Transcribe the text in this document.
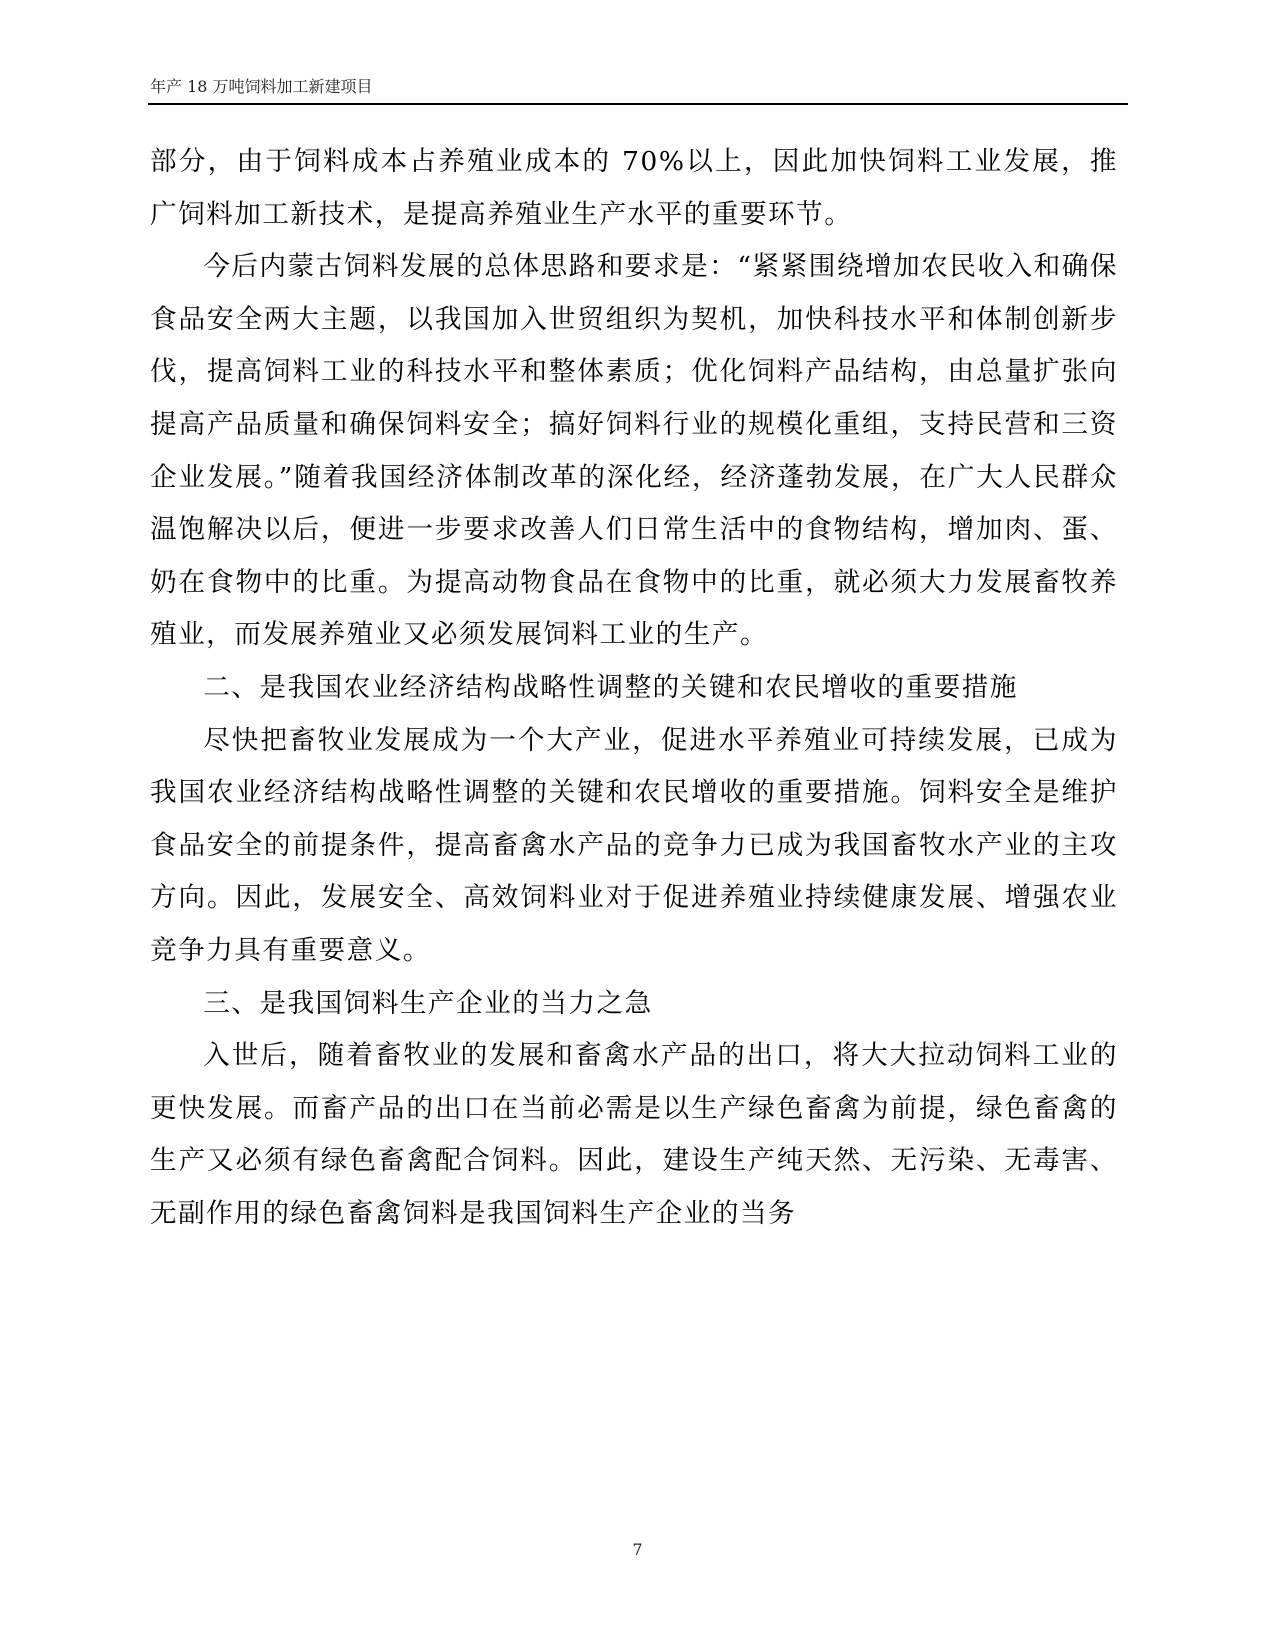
年产 18 万吨饲料加工新建项目

部分，由于饲料成本占养殖业成本的 70%以上，因此加快饲料工业发展，推广饲料加工新技术，是提高养殖业生产水平的重要环节。

今后内蒙古饲料发展的总体思路和要求是：“紧紧围绕增加农民收入和确保食品安全两大主题，以我国加入世贸组织为契机，加快科技水平和体制创新步伐，提高饲料工业的科技水平和整体素质；优化饲料产品结构，由总量扩张向提高产品质量和确保饲料安全；搞好饲料行业的规模化重组，支持民营和三资企业发展。”随着我国经济体制改革的深化经，经济蓬勃发展，在广大人民群众温饱解决以后，便进一步要求改善人们日常生活中的食物结构，增加肉、蛋、奶在食物中的比重。为提高动物食品在食物中的比重，就必须大力发展畜牧养殖业，而发展养殖业又必须发展饲料工业的生产。

二、是我国农业经济结构战略性调整的关键和农民增收的重要措施

尽快把畜牧业发展成为一个大产业，促进水平养殖业可持续发展，已成为我国农业经济结构战略性调整的关键和农民增收的重要措施。饲料安全是维护食品安全的前提条件，提高畜禽水产品的竞争力已成为我国畜牧水产业的主攻方向。因此，发展安全、高效饲料业对于促进养殖业持续健康发展、增强农业竞争力具有重要意义。

三、是我国饲料生产企业的当力之急

入世后，随着畜牧业的发展和畜禽水产品的出口，将大大拉动饲料工业的更快发展。而畜产品的出口在当前必需是以生产绿色畜禽为前提，绿色畜禽的生产又必须有绿色畜禽配合饲料。因此，建设生产纯天然、无污染、无毒害、无副作用的绿色畜禽饲料是我国饲料生产企业的当务

7
